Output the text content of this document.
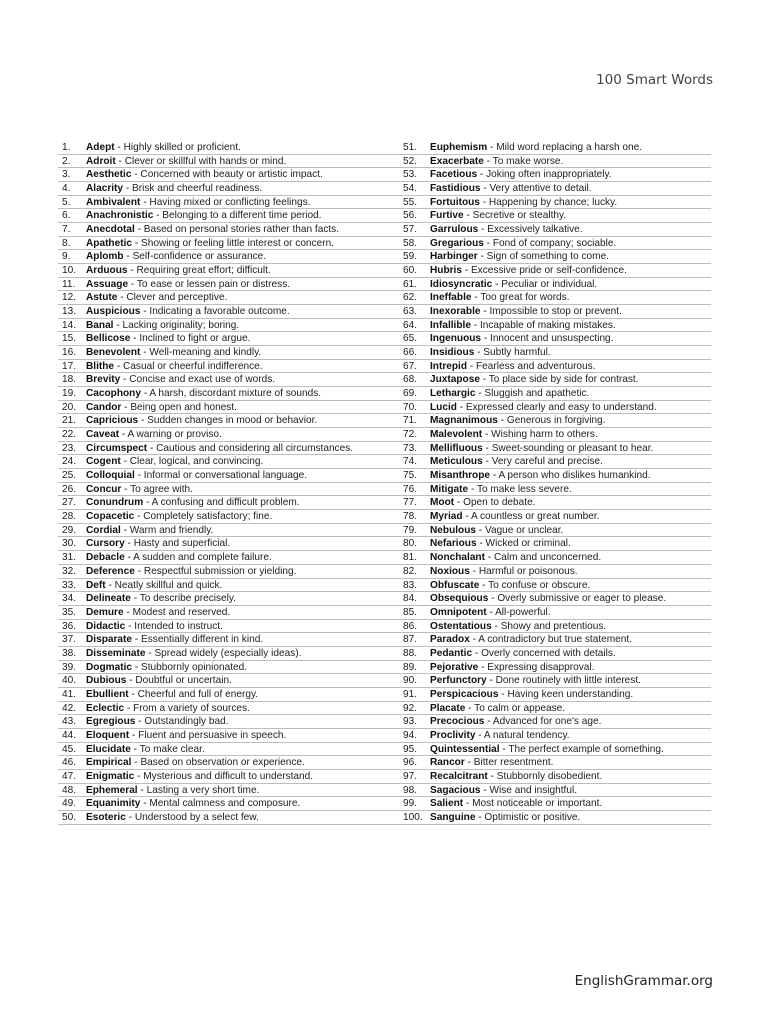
100 Smart Words
1. Adept - Highly skilled or proficient.
2. Adroit - Clever or skillful with hands or mind.
3. Aesthetic - Concerned with beauty or artistic impact.
4. Alacrity - Brisk and cheerful readiness.
5. Ambivalent - Having mixed or conflicting feelings.
6. Anachronistic - Belonging to a different time period.
7. Anecdotal - Based on personal stories rather than facts.
8. Apathetic - Showing or feeling little interest or concern.
9. Aplomb - Self-confidence or assurance.
10. Arduous - Requiring great effort; difficult.
11. Assuage - To ease or lessen pain or distress.
12. Astute - Clever and perceptive.
13. Auspicious - Indicating a favorable outcome.
14. Banal - Lacking originality; boring.
15. Bellicose - Inclined to fight or argue.
16. Benevolent - Well-meaning and kindly.
17. Blithe - Casual or cheerful indifference.
18. Brevity - Concise and exact use of words.
19. Cacophony - A harsh, discordant mixture of sounds.
20. Candor - Being open and honest.
21. Capricious - Sudden changes in mood or behavior.
22. Caveat - A warning or proviso.
23. Circumspect - Cautious and considering all circumstances.
24. Cogent - Clear, logical, and convincing.
25. Colloquial - Informal or conversational language.
26. Concur - To agree with.
27. Conundrum - A confusing and difficult problem.
28. Copacetic - Completely satisfactory; fine.
29. Cordial - Warm and friendly.
30. Cursory - Hasty and superficial.
31. Debacle - A sudden and complete failure.
32. Deference - Respectful submission or yielding.
33. Deft - Neatly skillful and quick.
34. Delineate - To describe precisely.
35. Demure - Modest and reserved.
36. Didactic - Intended to instruct.
37. Disparate - Essentially different in kind.
38. Disseminate - Spread widely (especially ideas).
39. Dogmatic - Stubbornly opinionated.
40. Dubious - Doubtful or uncertain.
41. Ebullient - Cheerful and full of energy.
42. Eclectic - From a variety of sources.
43. Egregious - Outstandingly bad.
44. Eloquent - Fluent and persuasive in speech.
45. Elucidate - To make clear.
46. Empirical - Based on observation or experience.
47. Enigmatic - Mysterious and difficult to understand.
48. Ephemeral - Lasting a very short time.
49. Equanimity - Mental calmness and composure.
50. Esoteric - Understood by a select few.
51. Euphemism - Mild word replacing a harsh one.
52. Exacerbate - To make worse.
53. Facetious - Joking often inappropriately.
54. Fastidious - Very attentive to detail.
55. Fortuitous - Happening by chance; lucky.
56. Furtive - Secretive or stealthy.
57. Garrulous - Excessively talkative.
58. Gregarious - Fond of company; sociable.
59. Harbinger - Sign of something to come.
60. Hubris - Excessive pride or self-confidence.
61. Idiosyncratic - Peculiar or individual.
62. Ineffable - Too great for words.
63. Inexorable - Impossible to stop or prevent.
64. Infallible - Incapable of making mistakes.
65. Ingenuous - Innocent and unsuspecting.
66. Insidious - Subtly harmful.
67. Intrepid - Fearless and adventurous.
68. Juxtapose - To place side by side for contrast.
69. Lethargic - Sluggish and apathetic.
70. Lucid - Expressed clearly and easy to understand.
71. Magnanimous - Generous in forgiving.
72. Malevolent - Wishing harm to others.
73. Mellifluous - Sweet-sounding or pleasant to hear.
74. Meticulous - Very careful and precise.
75. Misanthrope - A person who dislikes humankind.
76. Mitigate - To make less severe.
77. Moot - Open to debate.
78. Myriad - A countless or great number.
79. Nebulous - Vague or unclear.
80. Nefarious - Wicked or criminal.
81. Nonchalant - Calm and unconcerned.
82. Noxious - Harmful or poisonous.
83. Obfuscate - To confuse or obscure.
84. Obsequious - Overly submissive or eager to please.
85. Omnipotent - All-powerful.
86. Ostentatious - Showy and pretentious.
87. Paradox - A contradictory but true statement.
88. Pedantic - Overly concerned with details.
89. Pejorative - Expressing disapproval.
90. Perfunctory - Done routinely with little interest.
91. Perspicacious - Having keen understanding.
92. Placate - To calm or appease.
93. Precocious - Advanced for one's age.
94. Proclivity - A natural tendency.
95. Quintessential - The perfect example of something.
96. Rancor - Bitter resentment.
97. Recalcitrant - Stubbornly disobedient.
98. Sagacious - Wise and insightful.
99. Salient - Most noticeable or important.
100. Sanguine - Optimistic or positive.
EnglishGrammar.org
